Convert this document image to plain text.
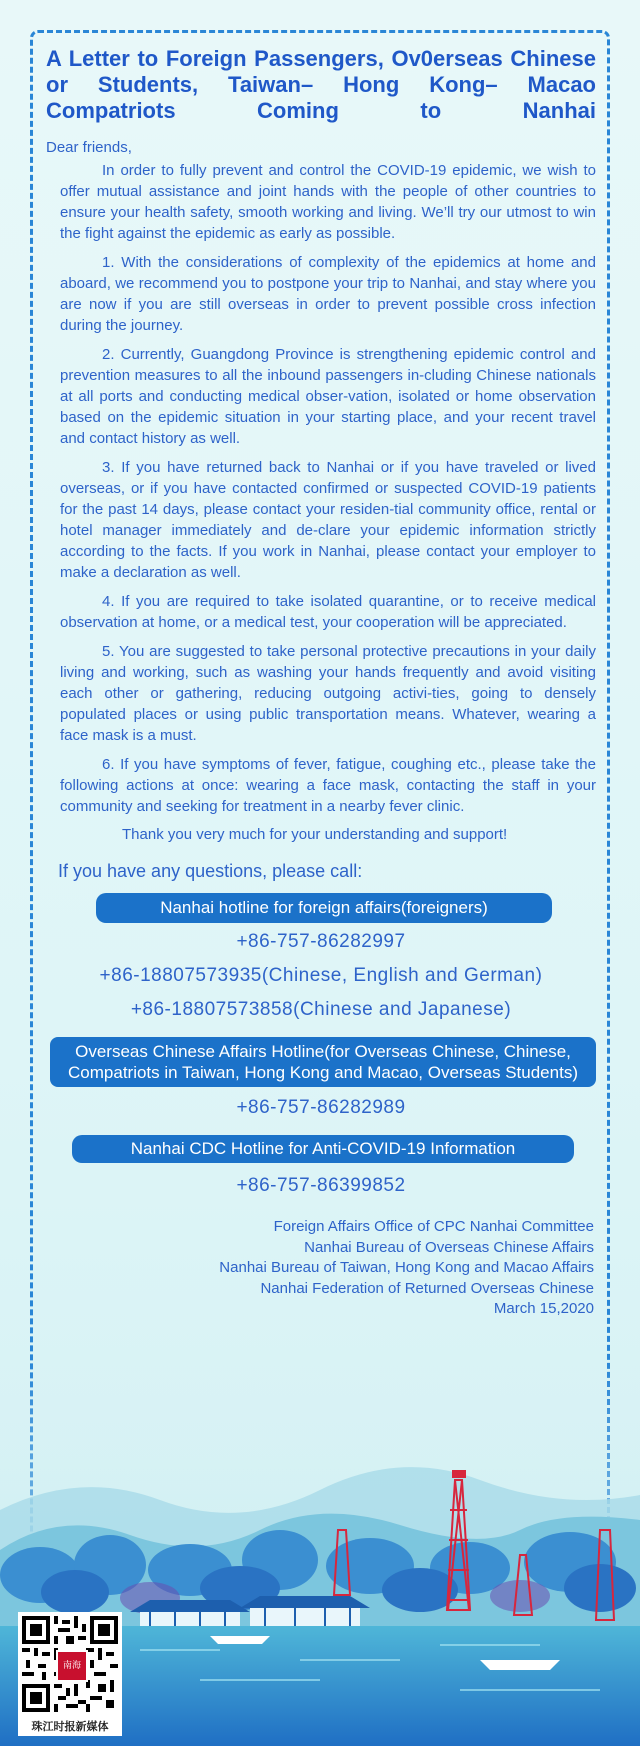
A Letter to Foreign Passengers, Ov0erseas Chinese or Students, Taiwan– Hong Kong– Macao Compatriots Coming to Nanhai
Dear friends,

In order to fully prevent and control the COVID-19 epidemic, we wish to offer mutual assistance and joint hands with the people of other countries to ensure your health safety, smooth working and living. We’ll try our utmost to win the fight against the epidemic as early as possible.

1. With the considerations of complexity of the epidemics at home and aboard, we recommend you to postpone your trip to Nanhai, and stay where you are now if you are still overseas in order to prevent possible cross infection during the journey.

2. Currently, Guangdong Province is strengthening epidemic control and prevention measures to all the inbound passengers in-cluding Chinese nationals at all ports and conducting medical obser-vation, isolated or home observation based on the epidemic situation in your starting place, and your recent travel and contact history as well.

3. If you have returned back to Nanhai or if you have traveled or lived overseas, or if you have contacted confirmed or suspected COVID-19 patients for the past 14 days, please contact your residen-tial community office, rental or hotel manager immediately and de-clare your epidemic information strictly according to the facts. If you work in Nanhai, please contact your employer to make a declaration as well.

4. If you are required to take isolated quarantine, or to receive medical observation at home, or a medical test, your cooperation will be appreciated.

5. You are suggested to take personal protective precautions in your daily living and working, such as washing your hands frequently and avoid visiting each other or gathering, reducing outgoing activi-ties, going to densely populated places or using public transportation means. Whatever, wearing a face mask is a must.

6. If you have symptoms of fever, fatigue, coughing etc., please take the following actions at once: wearing a face mask, contacting the staff in your community and seeking for treatment in a nearby fever clinic.

Thank you very much for your understanding and support!
If you have any questions, please call:
Nanhai hotline for foreign affairs(foreigners)
+86-757-86282997
+86-18807573935(Chinese, English and German)
+86-18807573858(Chinese and Japanese)
Overseas Chinese Affairs Hotline(for Overseas Chinese, Chinese, Compatriots in Taiwan, Hong Kong and Macao, Overseas Students)
+86-757-86282989
Nanhai CDC Hotline for Anti-COVID-19 Information
+86-757-86399852
Foreign Affairs Office of CPC Nanhai Committee
Nanhai Bureau of Overseas Chinese Affairs
Nanhai Bureau of Taiwan, Hong Kong and Macao Affairs
Nanhai Federation of Returned Overseas Chinese
March 15,2020
南海
珠江时报新媒体
